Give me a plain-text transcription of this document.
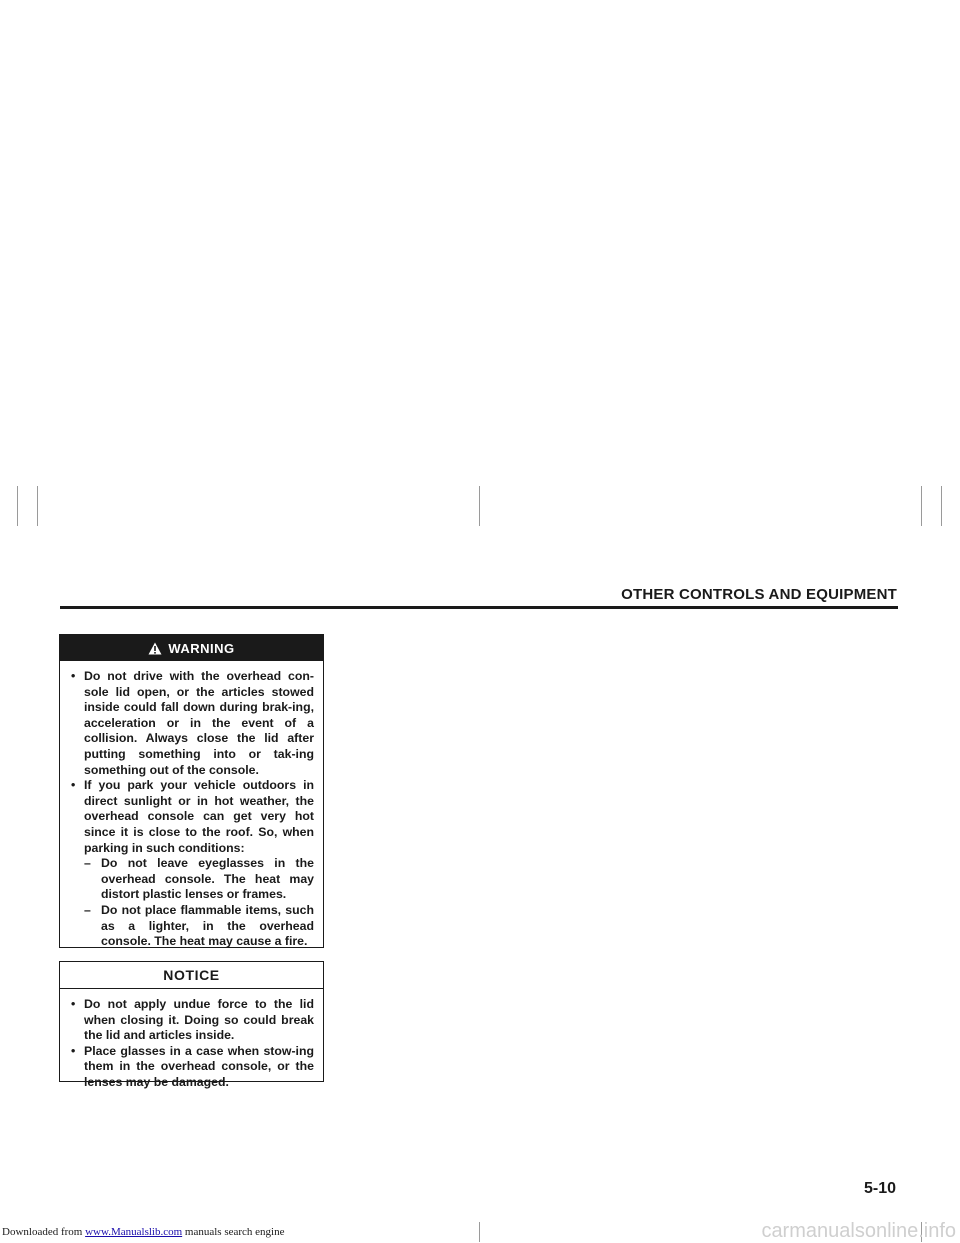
OTHER CONTROLS AND EQUIPMENT
WARNING
• Do not drive with the overhead con-sole lid open, or the articles stowed inside could fall down during brak-ing, acceleration or in the event of a collision. Always close the lid after putting something into or tak-ing something out of the console.
• If you park your vehicle outdoors in direct sunlight or in hot weather, the overhead console can get very hot since it is close to the roof. So, when parking in such conditions:
– Do not leave eyeglasses in the overhead console. The heat may distort plastic lenses or frames.
– Do not place flammable items, such as a lighter, in the overhead console. The heat may cause a fire.
NOTICE
• Do not apply undue force to the lid when closing it. Doing so could break the lid and articles inside.
• Place glasses in a case when stow-ing them in the overhead console, or the lenses may be damaged.
5-10
Downloaded from www.Manualslib.com manuals search engine	carmanualsonline.info
